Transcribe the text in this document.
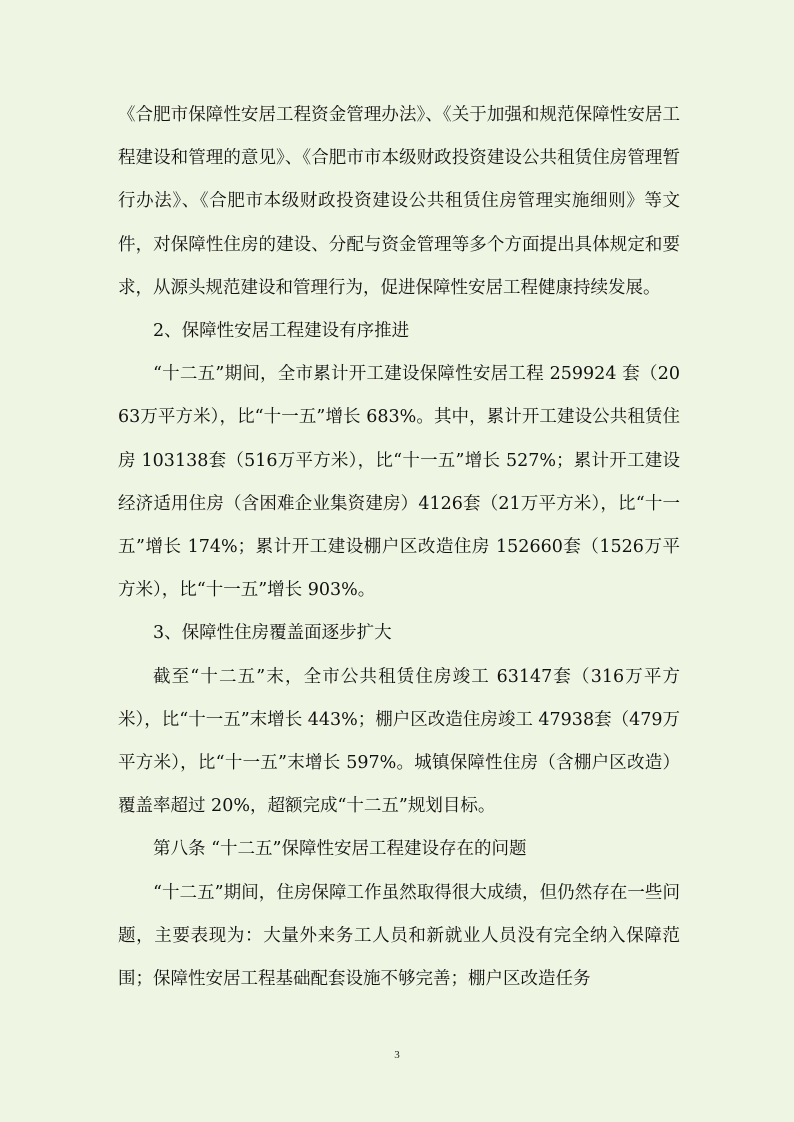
《合肥市保障性安居工程资金管理办法》、《关于加强和规范保障性安居工程建设和管理的意见》、《合肥市市本级财政投资建设公共租赁住房管理暂行办法》、《合肥市本级财政投资建设公共租赁住房管理实施细则》等文件，对保障性住房的建设、分配与资金管理等多个方面提出具体规定和要求，从源头规范建设和管理行为，促进保障性安居工程健康持续发展。

2、保障性安居工程建设有序推进

“十二五”期间，全市累计开工建设保障性安居工程 259924 套（2063万平方米），比“十一五”增长 683%。其中，累计开工建设公共租赁住房 103138套（516万平方米），比“十一五”增长 527%；累计开工建设经济适用住房（含困难企业集资建房）4126套（21万平方米），比“十一五”增长 174%；累计开工建设棚户区改造住房 152660套（1526万平方米），比“十一五”增长 903%。

3、保障性住房覆盖面逐步扩大

截至“十二五”末，全市公共租赁住房竣工 63147套（316万平方米），比“十一五”末增长 443%；棚户区改造住房竣工 47938套（479万平方米），比“十一五”末增长 597%。城镇保障性住房（含棚户区改造）覆盖率超过 20%，超额完成“十二五”规划目标。

第八条 “十二五”保障性安居工程建设存在的问题

“十二五”期间，住房保障工作虽然取得很大成绩，但仍然存在一些问题，主要表现为：大量外来务工人员和新就业人员没有完全纳入保障范围；保障性安居工程基础配套设施不够完善；棚户区改造任务

3
